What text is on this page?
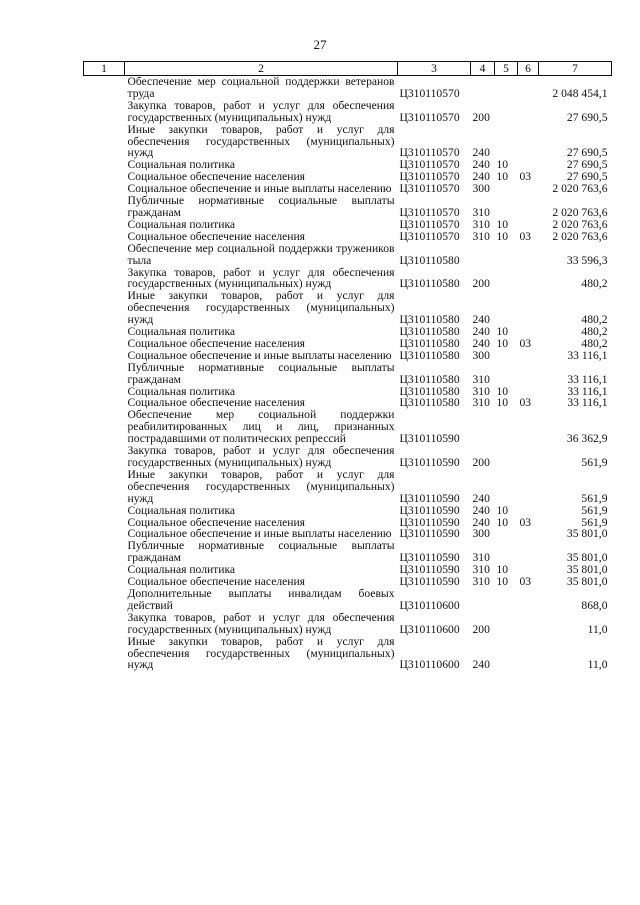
27
1	2	3	4	5	6	7
	Обеспечение мер социальной поддержки ветеранов труда	Ц310110570				2 048 454,1
	Закупка товаров, работ и услуг для обеспечения государственных (муниципальных) нужд	Ц310110570	200			27 690,5
	Иные закупки товаров, работ и услуг для обеспечения государственных (муниципальных) нужд	Ц310110570	240			27 690,5
	Социальная политика	Ц310110570	240	10		27 690,5
	Социальное обеспечение населения	Ц310110570	240	10	03	27 690,5
	Социальное обеспечение и иные выплаты населению	Ц310110570	300			2 020 763,6
	Публичные нормативные социальные выплаты гражданам	Ц310110570	310			2 020 763,6
	Социальная политика	Ц310110570	310	10		2 020 763,6
	Социальное обеспечение населения	Ц310110570	310	10	03	2 020 763,6
	Обеспечение мер социальной поддержки тружеников тыла	Ц310110580				33 596,3
	Закупка товаров, работ и услуг для обеспечения государственных (муниципальных) нужд	Ц310110580	200			480,2
	Иные закупки товаров, работ и услуг для обеспечения государственных (муниципальных) нужд	Ц310110580	240			480,2
	Социальная политика	Ц310110580	240	10		480,2
	Социальное обеспечение населения	Ц310110580	240	10	03	480,2
	Социальное обеспечение и иные выплаты населению	Ц310110580	300			33 116,1
	Публичные нормативные социальные выплаты гражданам	Ц310110580	310			33 116,1
	Социальная политика	Ц310110580	310	10		33 116,1
	Социальное обеспечение населения	Ц310110580	310	10	03	33 116,1
	Обеспечение мер социальной поддержки реабилитированных лиц и лиц, признанных пострадавшими от политических репрессий	Ц310110590				36 362,9
	Закупка товаров, работ и услуг для обеспечения государственных (муниципальных) нужд	Ц310110590	200			561,9
	Иные закупки товаров, работ и услуг для обеспечения государственных (муниципальных) нужд	Ц310110590	240			561,9
	Социальная политика	Ц310110590	240	10		561,9
	Социальное обеспечение населения	Ц310110590	240	10	03	561,9
	Социальное обеспечение и иные выплаты населению	Ц310110590	300			35 801,0
	Публичные нормативные социальные выплаты гражданам	Ц310110590	310			35 801,0
	Социальная политика	Ц310110590	310	10		35 801,0
	Социальное обеспечение населения	Ц310110590	310	10	03	35 801,0
	Дополнительные выплаты инвалидам боевых действий	Ц310110600				868,0
	Закупка товаров, работ и услуг для обеспечения государственных (муниципальных) нужд	Ц310110600	200			11,0
	Иные закупки товаров, работ и услуг для обеспечения государственных (муниципальных) нужд	Ц310110600	240			11,0
